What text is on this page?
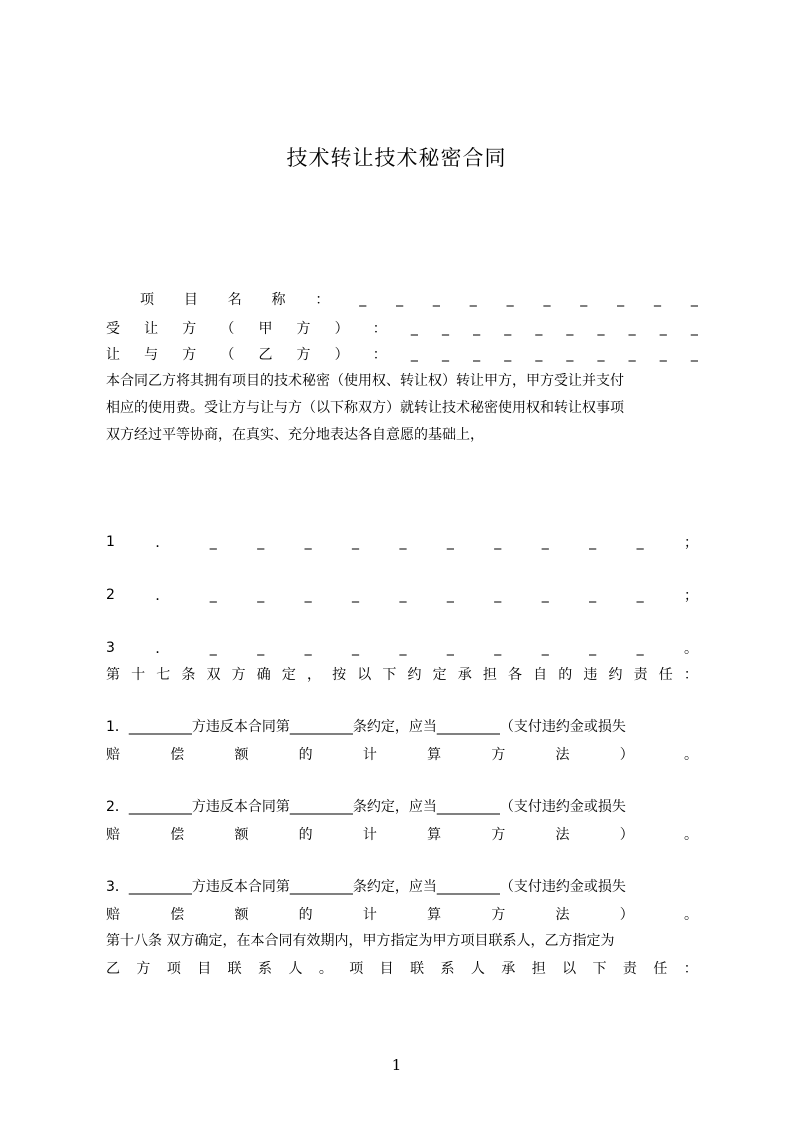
技术转让技术秘密合同
项 目 名 称 ： _ _ _ _ _ _ _ _ _ _
受 让 方 （ 甲 方 ） ： _ _ _ _ _ _ _ _ _ _
让 与 方 （ 乙 方 ） ： _ _ _ _ _ _ _ _ _ _
本合同乙方将其拥有项目的技术秘密（使用权、转让权）转让甲方，甲方受让并支付
相应的使用费。受让方与让与方（以下称双方）就转让技术秘密使用权和转让权事项
双方经过平等协商，在真实、充分地表达各自意愿的基础上，
1	．	_	_	_	_	_	_	_	_	_	_	；
2	．	_	_	_	_	_	_	_	_	_	_	；
3	．	_	_	_	_	_	_	_	_	_	_	。
第 十 七 条 双 方 确 定 ， 按 以 下 约 定 承 担 各 自 的 违 约 责 任 ：
1．_________方违反本合同第_________条约定，应当_________（支付违约金或损失
赔	偿	额	的	计	算	方	法	）	。
2．_________方违反本合同第_________条约定，应当_________（支付违约金或损失
赔	偿	额	的	计	算	方	法	）	。
3．_________方违反本合同第_________条约定，应当_________（支付违约金或损失
赔	偿	额	的	计	算	方	法	）	。
第十八条 双方确定，在本合同有效期内，甲方指定为甲方项目联系人，乙方指定为
乙 方 项 目 联 系 人 。 项 目 联 系 人 承 担 以 下 责 任 ：
1
